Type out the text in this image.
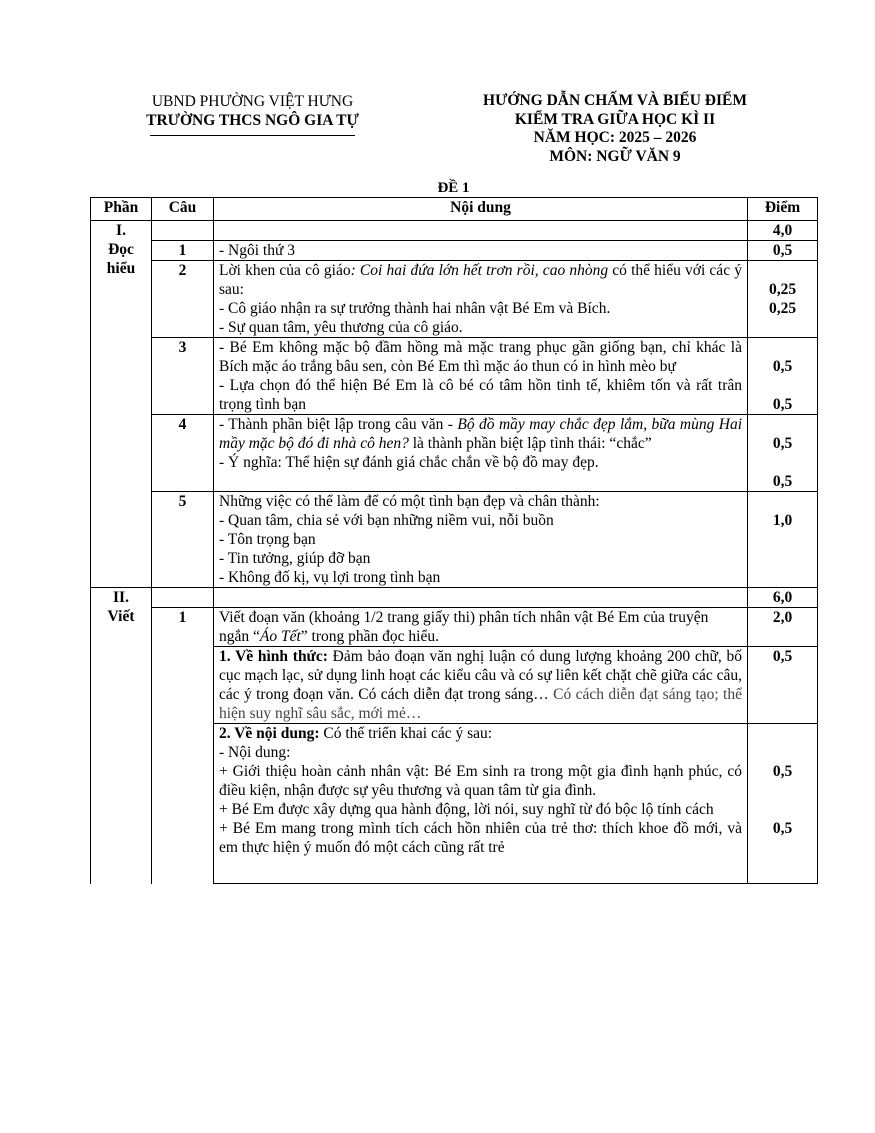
UBND PHƯỜNG VIỆT HƯNG
TRƯỜNG THCS NGÔ GIA TỰ
HƯỚNG DẪN CHẤM VÀ BIỂU ĐIỂM
KIỂM TRA GIỮA HỌC KÌ II
NĂM HỌC: 2025 – 2026
MÔN: NGỮ VĂN 9
ĐỀ 1
Phần	Câu	Nội dung	Điểm

I.
Đọc
hiểu			4,0
	1	- Ngôi thứ 3	0,5
	2	Lời khen của cô giáo: Coi hai đứa lớn hết trơn rồi, cao nhòng có thể hiểu với các ý sau:
- Cô giáo nhận ra sự trưởng thành hai nhân vật Bé Em và Bích.
- Sự quan tâm, yêu thương của cô giáo.	0,25
0,25

	3	- Bé Em không mặc bộ đầm hồng mà mặc trang phục gần giống bạn, chỉ khác là Bích mặc áo trắng bâu sen, còn Bé Em thì mặc áo thun có in hình mèo bự
- Lựa chọn đó thể hiện Bé Em là cô bé có tâm hồn tinh tế, khiêm tốn và rất trân trọng tình bạn	0,5
0,5

	4	- Thành phần biệt lập trong câu văn - Bộ đồ mầy may chắc đẹp lắm, bữa mùng Hai mầy mặc bộ đó đi nhà cô hen? là thành phần biệt lập tình thái: “chắc”
- Ý nghĩa: Thể hiện sự đánh giá chắc chắn về bộ đồ may đẹp.	0,5
0,5

	5	Những việc có thể làm để có một tình bạn đẹp và chân thành:
- Quan tâm, chia sẻ với bạn những niềm vui, nỗi buồn
- Tôn trọng bạn
- Tin tưởng, giúp đỡ bạn
- Không đố kị, vụ lợi trong tình bạn	1,0

II.
Viết			6,0
	1	Viết đoạn văn (khoảng 1/2 trang giấy thi) phân tích nhân vật Bé Em của truyện ngắn “Áo Tết” trong phần đọc hiểu.	2,0
		1. Về hình thức: Đảm bảo đoạn văn nghị luận có dung lượng khoảng 200 chữ, bố cục mạch lạc, sử dụng linh hoạt các kiểu câu và có sự liên kết chặt chẽ giữa các câu, các ý trong đoạn văn. Có cách diễn đạt trong sáng… Có cách diễn đạt sáng tạo; thể hiện suy nghĩ sâu sắc, mới mẻ…	0,5
		2. Về nội dung: Có thể triển khai các ý sau:
- Nội dung:
+ Giới thiệu hoàn cảnh nhân vật: Bé Em sinh ra trong một gia đình hạnh phúc, có điều kiện, nhận được sự yêu thương và quan tâm từ gia đình.
+ Bé Em được xây dựng qua hành động, lời nói, suy nghĩ từ đó bộc lộ tính cách
+ Bé Em mang trong mình tích cách hồn nhiên của trẻ thơ: thích khoe đồ mới, và em thực hiện ý muốn đó một cách cũng rất trẻ	0,5
0,5
